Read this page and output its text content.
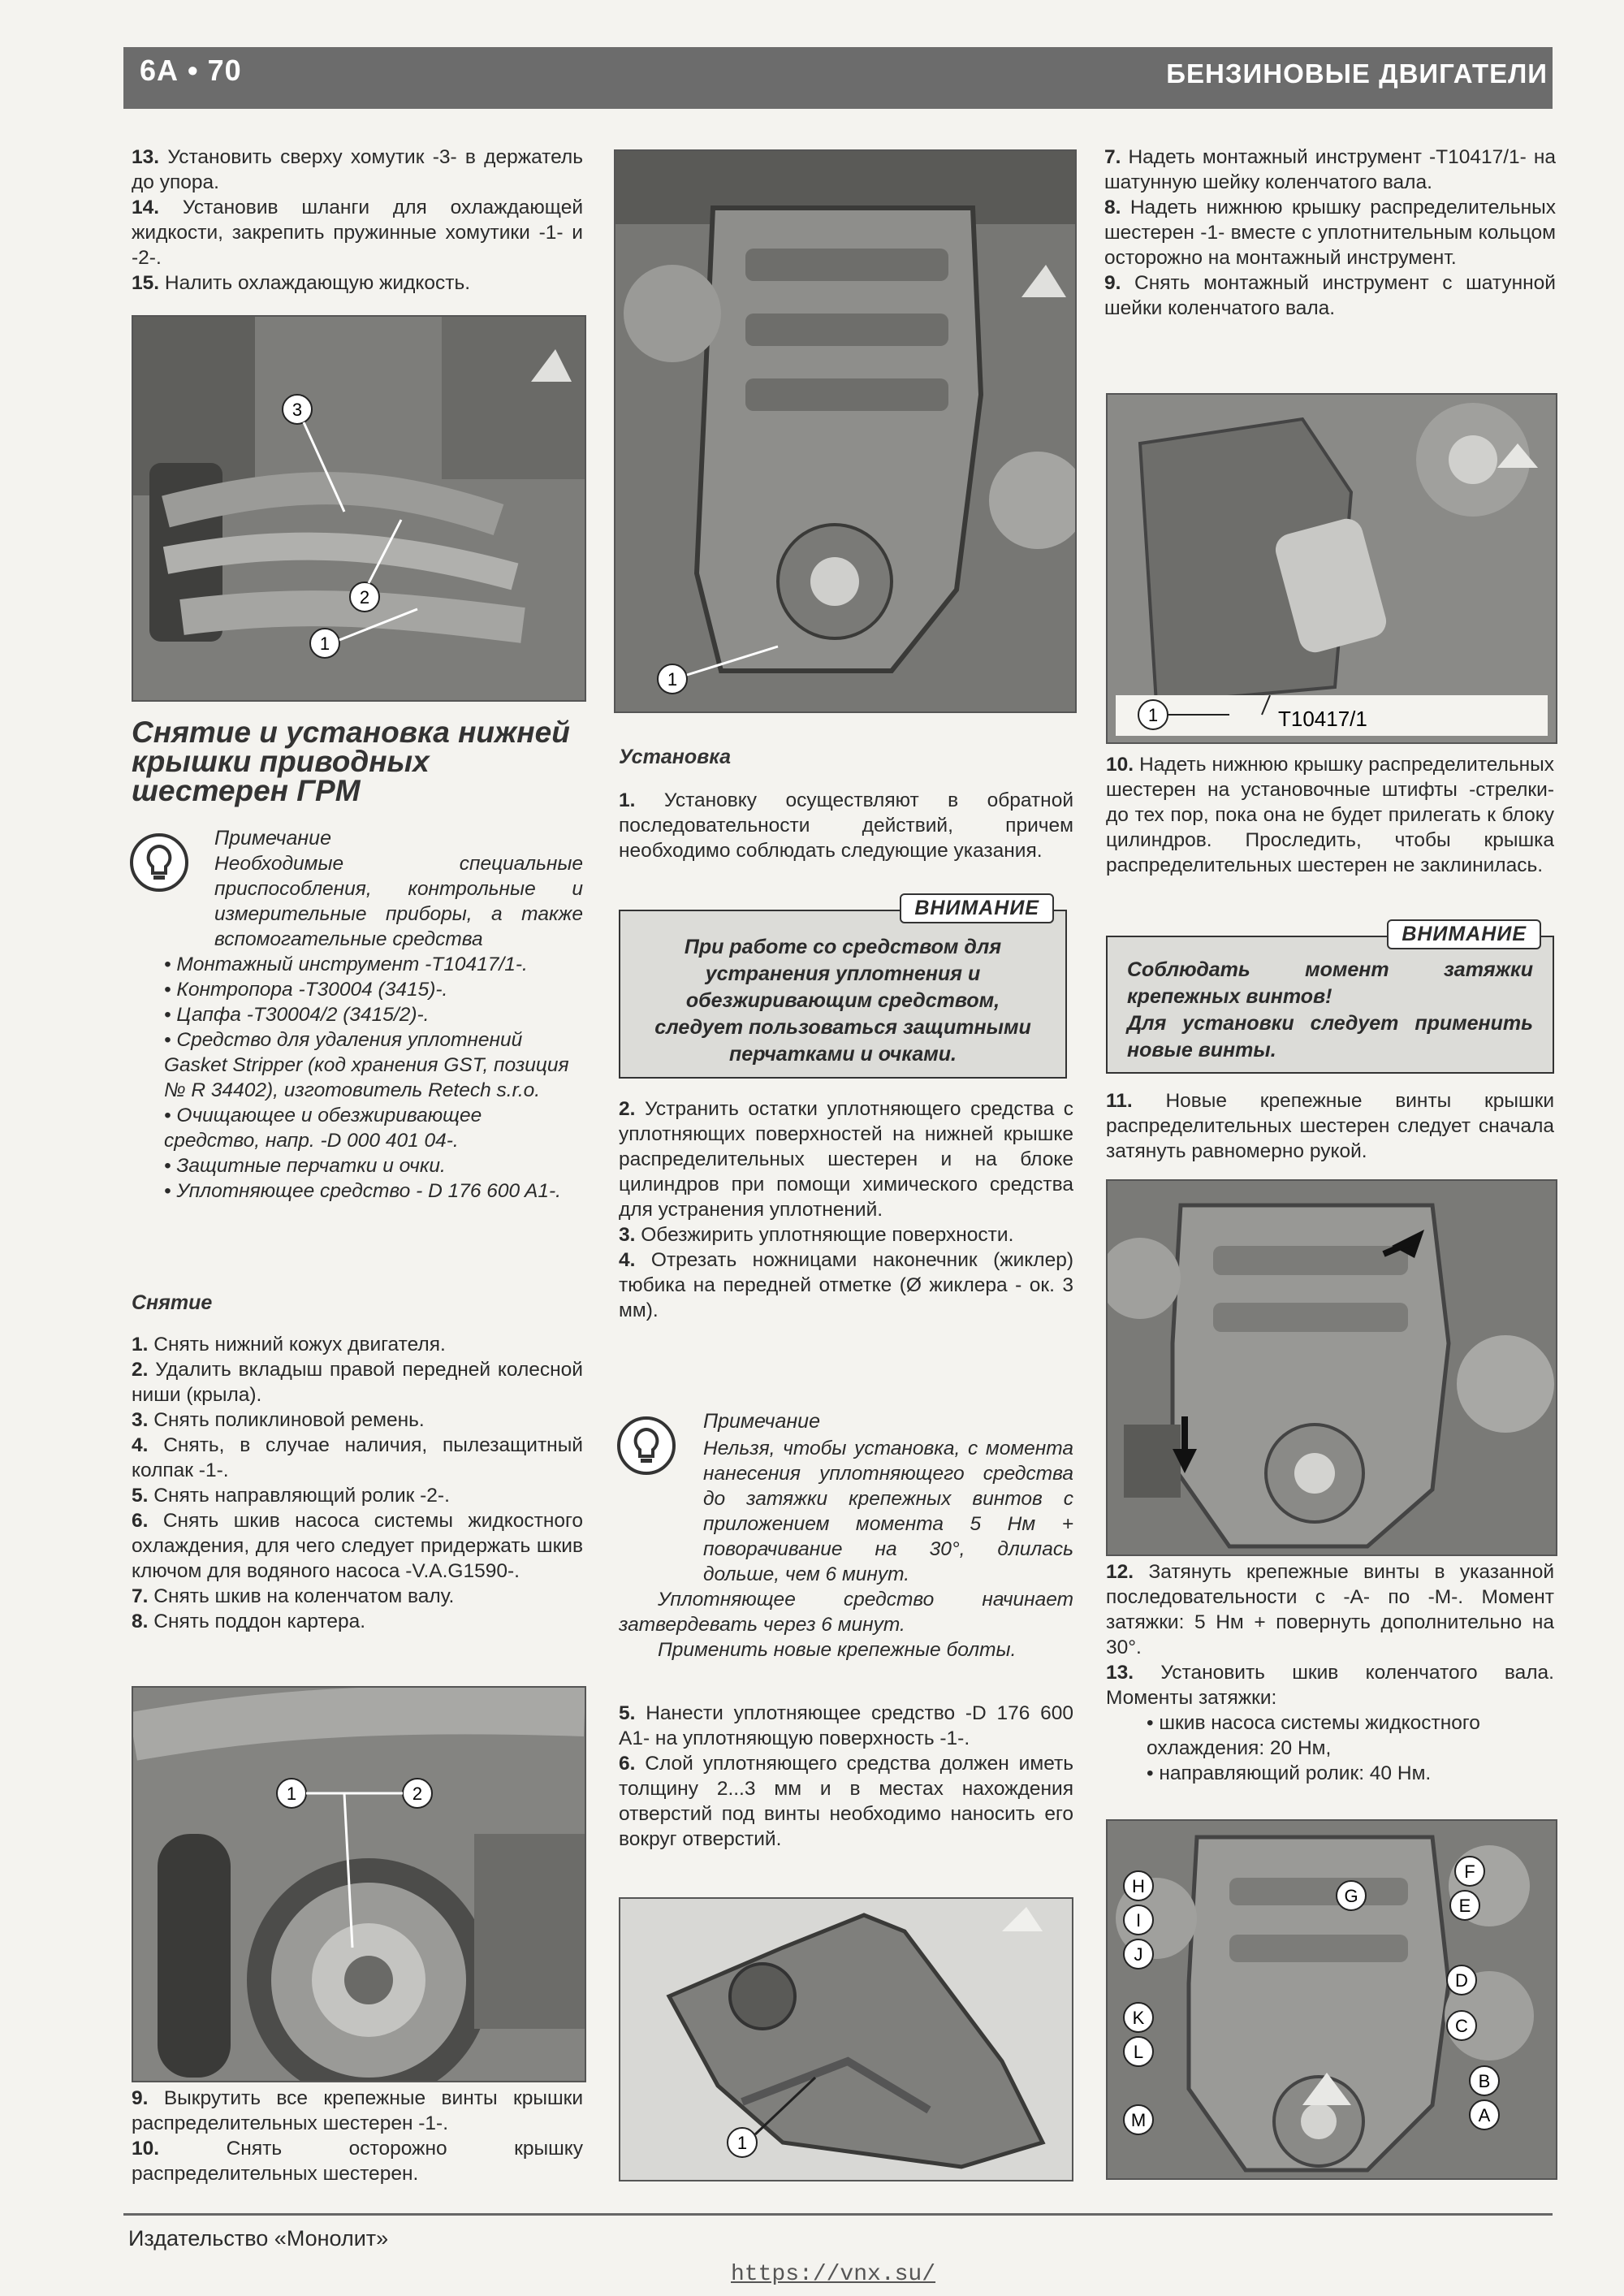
6А • 70	БЕНЗИНОВЫЕ ДВИГАТЕЛИ

13. Установить сверху хомутик -3- в держатель до упора.

14. Установив шланги для охлаждающей жидкости, закрепить пружинные хомутики -1- и -2-.

15. Налить охлаждающую жидкость.

3
2
1
Снятие и установка нижней крышки приводных шестерен ГРМ
Примечание

Необходимые специальные приспособления, контрольные и измерительные приборы, а также вспомогательные средства

• Монтажный инструмент -T10417/1-.
• Контропора -T30004 (3415)-.
• Цапфа -T30004/2 (3415/2)-.
• Средство для удаления уплотнений Gasket Stripper (код хранения GST, позиция № R 34402), изготовитель Retech s.r.o.
• Очищающее и обезжиривающее средство, напр. -D 000 401 04-.
• Защитные перчатки и очки.
• Уплотняющее средство - D 176 600 A1-.
Снятие

1. Снять нижний кожух двигателя.

2. Удалить вкладыш правой передней колесной ниши (крыла).

3. Снять поликлиновой ремень.

4. Снять, в случае наличия, пылезащитный колпак -1-.

5. Снять направляющий ролик -2-.

6. Снять шкив насоса системы жидкостного охлаждения, для чего следует придержать шкив ключом для водяного насоса -V.A.G1590-.

7. Снять шкив на коленчатом валу.

8. Снять поддон картера.

1	2

9. Выкрутить все крепежные винты крышки распределительных шестерен -1-.

10.	Снять осторожно крышку распределительных шестерен.

1
Установка

1. Установку осуществляют в обратной последовательности действий, причем необходимо соблюдать следующие указания.

ВНИМАНИЕ

При работе со средством для устранения уплотнения и обезжиривающим средством, следует пользоваться защитными перчатками и очками.

2. Устранить остатки уплотняющего средства с уплотняющих поверхностей на нижней крышке распределительных шестерен и на блоке цилиндров при помощи химического средства для устранения уплотнений.

3. Обезжирить уплотняющие поверхности.

4. Отрезать ножницами наконечник (жиклер) тюбика на передней отметке (Ø жиклера - ок. 3 мм).

Примечание

Нельзя, чтобы установка, с момента нанесения уплотняющего средства до затяжки крепежных винтов с приложением момента 5 Нм + поворачивание на 30°, длилась дольше, чем 6 минут.

Уплотняющее средство начинает затвердевать через 6 минут.

Применить новые крепежные болты.

5. Нанести уплотняющее средство -D 176 600 A1- на уплотняющую поверхность -1-.

6. Слой уплотняющего средства должен иметь толщину 2...3 мм и в местах нахождения отверстий под винты необходимо наносить его вокруг отверстий.

1

7. Надеть монтажный инструмент -T10417/1- на шатунную шейку коленчатого вала.

8. Надеть нижнюю крышку распределительных шестерен -1- вместе с уплотнительным кольцом осторожно на монтажный инструмент.

9. Снять монтажный инструмент с шатунной шейки коленчатого вала.

1	T10417/1

10. Надеть нижнюю крышку распределительных шестерен на установочные штифты -стрелки- до тех пор, пока она не будет прилегать к блоку цилиндров. Проследить, чтобы крышка распределительных шестерен не заклинилась.

ВНИМАНИЕ

Соблюдать момент затяжки крепежных винтов!

Для установки следует применить новые винты.

11. Новые крепежные винты крышки распределительных шестерен следует сначала затянуть равномерно рукой.

12. Затянуть крепежные винты в указанной последовательности с -А- по -М-. Момент затяжки: 5 Нм + повернуть дополнительно на 30°.

13. Установить шкив коленчатого вала. Моменты затяжки:

• шкив насоса системы жидкостного охлаждения: 20 Нм,

• направляющий ролик: 40 Нм.

H
I
J
K
L
M
G
F
E
D
C
B
A
Издательство «Монолит»
https://vnx.su/
